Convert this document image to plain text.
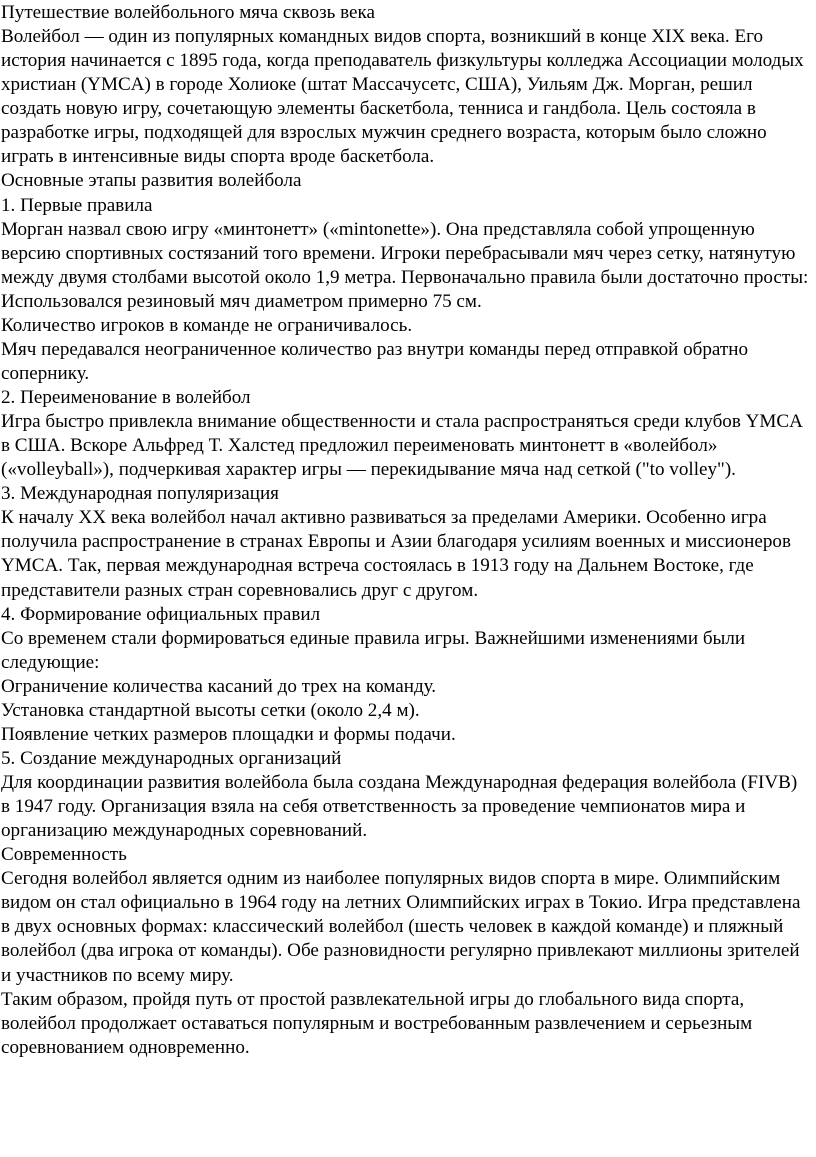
Путешествие волейбольного мяча сквозь века

Волейбол — один из популярных командных видов спорта, возникший в конце XIX века. Его история начинается с 1895 года, когда преподаватель физкультуры колледжа Ассоциации молодых христиан (YMCA) в городе Холиоке (штат Массачусетс, США), Уильям Дж. Морган, решил создать новую игру, сочетающую элементы баскетбола, тенниса и гандбола. Цель состояла в разработке игры, подходящей для взрослых мужчин среднего возраста, которым было сложно играть в интенсивные виды спорта вроде баскетбола.

Основные этапы развития волейбола

1. Первые правила

Морган назвал свою игру «минтонетт» («mintonette»). Она представляла собой упрощенную версию спортивных состязаний того времени. Игроки перебрасывали мяч через сетку, натянутую между двумя столбами высотой около 1,9 метра. Первоначально правила были достаточно просты:

Использовался резиновый мяч диаметром примерно 75 см.

Количество игроков в команде не ограничивалось.

Мяч передавался неограниченное количество раз внутри команды перед отправкой обратно сопернику.

2. Переименование в волейбол

Игра быстро привлекла внимание общественности и стала распространяться среди клубов YMCA в США. Вскоре Альфред Т. Халстед предложил переименовать минтонетт в «волейбол» («volleyball»), подчеркивая характер игры — перекидывание мяча над сеткой ("to volley").

3. Международная популяризация

К началу XX века волейбол начал активно развиваться за пределами Америки. Особенно игра получила распространение в странах Европы и Азии благодаря усилиям военных и миссионеров YMCA. Так, первая международная встреча состоялась в 1913 году на Дальнем Востоке, где представители разных стран соревновались друг с другом.

4. Формирование официальных правил

Со временем стали формироваться единые правила игры. Важнейшими изменениями были следующие:

Ограничение количества касаний до трех на команду.

Установка стандартной высоты сетки (около 2,4 м).

Появление четких размеров площадки и формы подачи.

5. Создание международных организаций

Для координации развития волейбола была создана Международная федерация волейбола (FIVB) в 1947 году. Организация взяла на себя ответственность за проведение чемпионатов мира и организацию международных соревнований.

Современность

Сегодня волейбол является одним из наиболее популярных видов спорта в мире. Олимпийским видом он стал официально в 1964 году на летних Олимпийских играх в Токио. Игра представлена в двух основных формах: классический волейбол (шесть человек в каждой команде) и пляжный волейбол (два игрока от команды). Обе разновидности регулярно привлекают миллионы зрителей и участников по всему миру.

Таким образом, пройдя путь от простой развлекательной игры до глобального вида спорта, волейбол продолжает оставаться популярным и востребованным развлечением и серьезным соревнованием одновременно.
